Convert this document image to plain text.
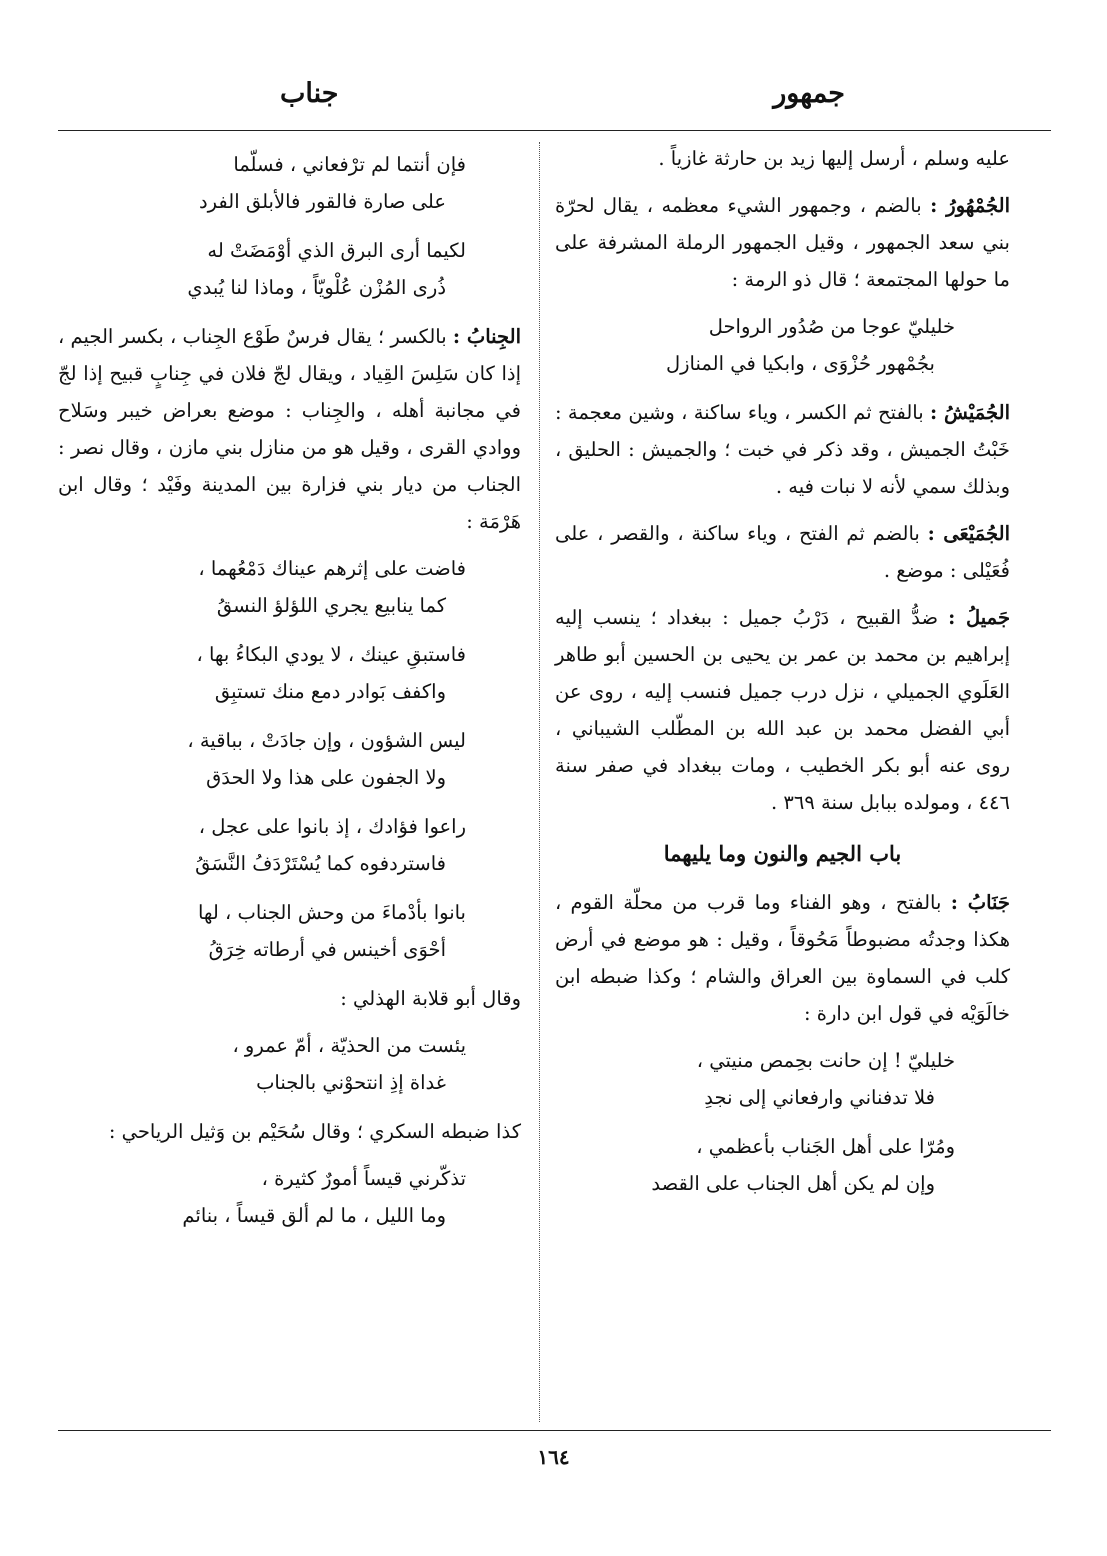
جمهور
جناب
عليه وسلم ، أرسل إليها زيد بن حارثة غازياً .
الجُمْهُورُ : بالضم ، وجمهور الشيء معظمه ، يقال لحرّة بني سعد الجمهور ، وقيل الجمهور الرملة المشرفة على ما حولها المجتمعة ؛ قال ذو الرمة :
خليليّ عوجا من صُدُور الرواحل
بجُمْهور حُزْوَى ، وابكيا في المنازل
الجُمَيْشُ : بالفتح ثم الكسر ، وياء ساكنة ، وشين معجمة : خَبْتُ الجميش ، وقد ذكر في خبت ؛ والجميش : الحليق ، وبذلك سمي لأنه لا نبات فيه .
الجُمَيْعَى : بالضم ثم الفتح ، وياء ساكنة ، والقصر ، على فُعَيْلى : موضع .
جَميلُ : ضدُّ القبيح ، دَرْبُ جميل : ببغداد ؛ ينسب إليه إبراهيم بن محمد بن عمر بن يحيى بن الحسين أبو طاهر العَلَوي الجميلي ، نزل درب جميل فنسب إليه ، روى عن أبي الفضل محمد بن عبد الله بن المطّلب الشيباني ، روى عنه أبو بكر الخطيب ، ومات ببغداد في صفر سنة ٤٤٦ ، ومولده ببابل سنة ٣٦٩ .
باب الجيم والنون وما يليهما
جَنَابُ : بالفتح ، وهو الفناء وما قرب من محلّة القوم ، هكذا وجدتُه مضبوطاً مَحُوقاً ، وقيل : هو موضع في أرض كلب في السماوة بين العراق والشام ؛ وكذا ضبطه ابن خالَوَيْه في قول ابن دارة :
خليليّ ! إن حانت بحِمص منيتي ،
فلا تدفناني وارفعاني إلى نجدِ
ومُرّا على أهل الجَناب بأعظمي ،
وإن لم يكن أهل الجناب على القصد
فإن أنتما لم ترْفعاني ، فسلّما
على صارة فالقور فالأبلق الفرد
لكيما أرى البرق الذي أوْمَضَتْ له
ذُرى المُزْن عُلْويّاً ، وماذا لنا يُبدي
الجِنابُ : بالكسر ؛ يقال فرسٌ طَوْع الجِناب ، بكسر الجيم ، إذا كان سَلِسَ القِياد ، ويقال لجّ فلان في جِنابٍ قبيح إذا لجّ في مجانبة أهله ، والجِناب : موضع بعراض خيبر وسَلاح ووادي القرى ، وقيل هو من منازل بني مازن ، وقال نصر : الجناب من ديار بني فزارة بين المدينة وفَيْد ؛ وقال ابن هَرْمَة :
فاضت على إثرهم عيناك دَمْعُهما ،
كما ينابيع يجري اللؤلؤ النسقُ
فاستبقِ عينك ، لا يودي البكاءُ بها ،
واكفف بَوادر دمع منك تستبِق
ليس الشؤون ، وإن جادَتْ ، بباقية ،
ولا الجفون على هذا ولا الحدَق
راعوا فؤادك ، إذ بانوا على عجل ،
فاستردفوه كما يُسْتَرْدَفُ النَّسَقُ
بانوا بأدْماءَ من وحش الجناب ، لها
أحْوَى أخينس في أرطاته خِرَقُ
وقال أبو قلابة الهذلي :
يئست من الحذيّة ، أمّ عمرو ،
غداة إذِ انتحوْني بالجناب
كذا ضبطه السكري ؛ وقال سُحَيْم بن وَثيل الرياحي :
تذكّرني قيساً أمورٌ كثيرة ،
وما الليل ، ما لم ألق قيساً ، بنائم
١٦٤
